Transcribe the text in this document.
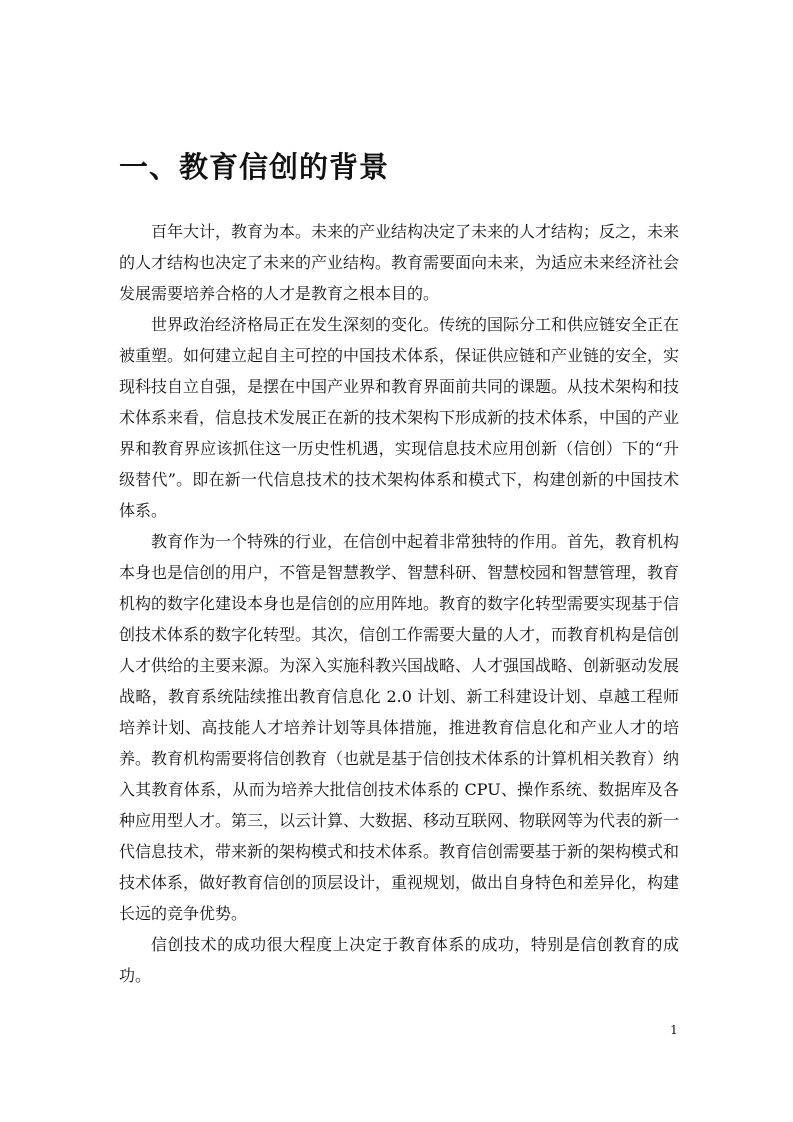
一、教育信创的背景

百年大计，教育为本。未来的产业结构决定了未来的人才结构；反之，未来的人才结构也决定了未来的产业结构。教育需要面向未来，为适应未来经济社会发展需要培养合格的人才是教育之根本目的。

世界政治经济格局正在发生深刻的变化。传统的国际分工和供应链安全正在被重塑。如何建立起自主可控的中国技术体系，保证供应链和产业链的安全，实现科技自立自强，是摆在中国产业界和教育界面前共同的课题。从技术架构和技术体系来看，信息技术发展正在新的技术架构下形成新的技术体系，中国的产业界和教育界应该抓住这一历史性机遇，实现信息技术应用创新（信创）下的“升级替代”。即在新一代信息技术的技术架构体系和模式下，构建创新的中国技术体系。

教育作为一个特殊的行业，在信创中起着非常独特的作用。首先，教育机构本身也是信创的用户，不管是智慧教学、智慧科研、智慧校园和智慧管理，教育机构的数字化建设本身也是信创的应用阵地。教育的数字化转型需要实现基于信创技术体系的数字化转型。其次，信创工作需要大量的人才，而教育机构是信创人才供给的主要来源。为深入实施科教兴国战略、人才强国战略、创新驱动发展战略，教育系统陆续推出教育信息化 2.0 计划、新工科建设计划、卓越工程师培养计划、高技能人才培养计划等具体措施，推进教育信息化和产业人才的培养。教育机构需要将信创教育（也就是基于信创技术体系的计算机相关教育）纳入其教育体系，从而为培养大批信创技术体系的 CPU、操作系统、数据库及各种应用型人才。第三，以云计算、大数据、移动互联网、物联网等为代表的新一代信息技术，带来新的架构模式和技术体系。教育信创需要基于新的架构模式和技术体系，做好教育信创的顶层设计，重视规划，做出自身特色和差异化，构建长远的竞争优势。

信创技术的成功很大程度上决定于教育体系的成功，特别是信创教育的成功。

1
